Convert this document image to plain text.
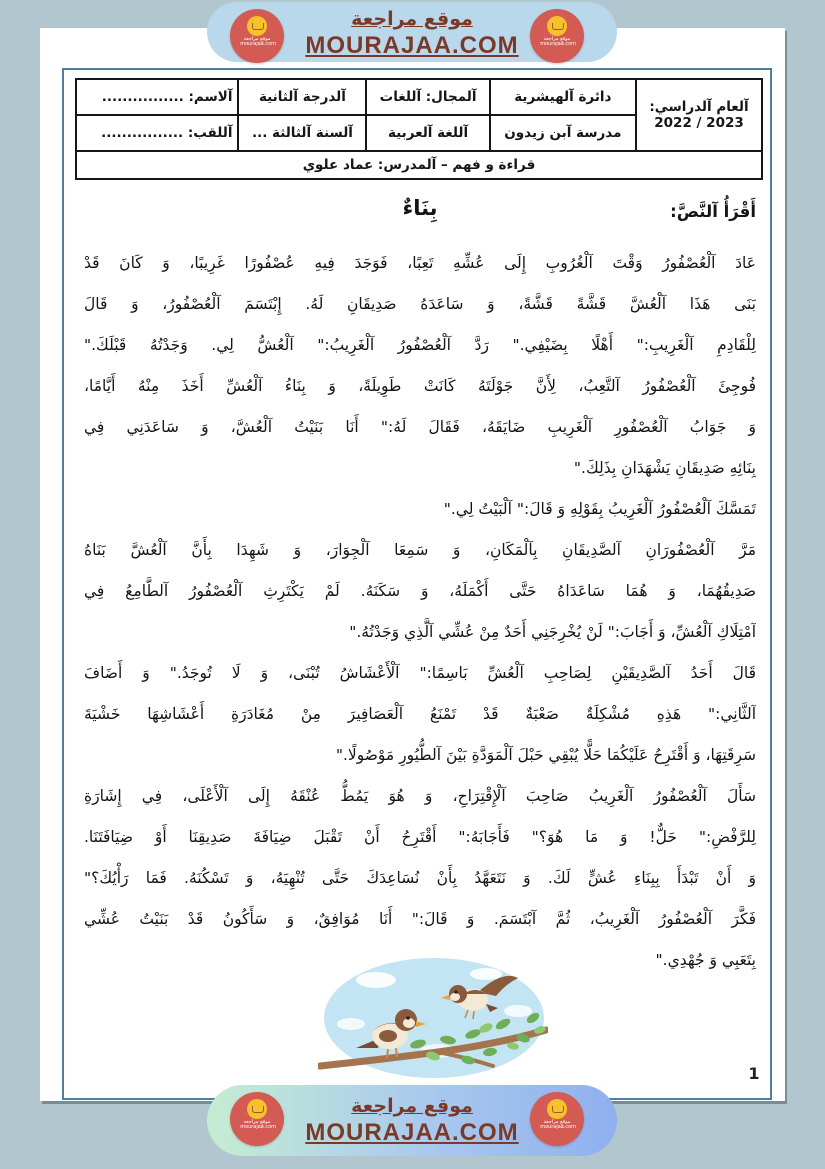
آلعام آلدراسي:
2022 / 2023	دائرة آلهيشرية	آلمجال: آللغات	آلدرجة آلثانية	آلاسم: ................
	مدرسة آبن زيدون	آللغة آلعربية	آلسنة آلثالثة ...	آللقب: ................
قراءة و فهم – آلمدرس: عماد علوي				
أَقْرَأُ آلنَّصَّ:
بِنَاءٌ
عَادَ آلْعُصْفُورُ وَقْتَ آلْغُرُوبِ إِلَى عُشِّهِ تَعِبًا، فَوَجَدَ فِيهِ عُصْفُورًا غَرِيبًا، وَ كَانَ قَدْ
بَنَى هَذَا آلْعُشَّ قَشَّةً قَشَّةً، وَ سَاعَدَهُ صَدِيقَانِ لَهُ. إِبْتَسَمَ آلْعُصْفُورُ، وَ قَالَ
لِلْقَادِمِ آلْغَرِيبِ:" أَهْلًا بِضَيْفِي." رَدَّ آلْعُصْفُورُ آلْغَرِيبُ:" آلْعُشُّ لِي. وَجَدْتُهُ قَبْلَكَ."
فُوجِئَ آلْعُصْفُورُ آلتَّعِبُ، لِأَنَّ جَوْلَتَهُ كَانَتْ طَوِيلَةً، وَ بِنَاءُ آلْعُشِّ أَخَذَ مِنْهُ أَيَّامًا،
وَ جَوَابُ آلْعُصْفُورِ آلْغَرِيبِ ضَايَقَهُ، فَقَالَ لَهُ:" أَنَا بَنَيْتُ آلْعُشَّ، وَ سَاعَدَنِي فِي
بِنَائِهِ صَدِيقَانِ يَشْهَدَانِ بِذَلِكَ."
تَمَسَّكَ آلْعُصْفُورُ آلْغَرِيبُ بِقَوْلِهِ وَ قَالَ:" آلْبَيْتُ لِي."
مَرَّ آلْعُصْفُورَانِ آلصَّدِيقَانِ بِآلْمَكَانِ، وَ سَمِعَا آلْجِوَارَ، وَ شَهِدَا بِأَنَّ آلْعُشَّ بَنَاهُ
صَدِيقُهُمَا، وَ هُمَا سَاعَدَاهُ حَتَّى أَكْمَلَهُ، وَ سَكَنَهُ. لَمْ يَكْتَرِثِ آلْعُصْفُورُ آلطَّامِعُ فِي
آمْتِلَاكِ آلْعُشِّ، وَ أَجَابَ:" لَنْ يُخْرِجَنِي أَحَدٌ مِنْ عُشِّي آلَّذِي وَجَدْتُهُ."
قَالَ أَحَدُ آلصَّدِيقَيْنِ لِصَاحِبِ آلْعُشِّ بَاسِمًا:" آلْأَعْشَاشُ تُبْنَى، وَ لَا تُوجَدُ." وَ أَضَافَ
آلثَّانِي:" هَذِهِ مُشْكِلَةٌ صَعْبَةٌ قَدْ تَمْنَعُ آلْعَصَافِيرَ مِنْ مُغَادَرَةِ أَعْشَاشِهَا خَشْيَةَ
سَرِقَتِهَا، وَ أَقْتَرِحُ عَلَيْكُمَا حَلًّا يُبْقِي حَبْلَ آلْمَوَدَّةِ بَيْنَ آلطُّيُورِ مَوْصُولًا."
سَأَلَ آلْعُصْفُورُ آلْغَرِيبُ صَاحِبَ آلْإِقْتِرَاحِ، وَ هُوَ يَمُطُّ عُنْقَهُ إِلَى آلْأَعْلَى، فِي إِشَارَةِ
لِلرَّفْضِ:" حَلٌّ! وَ مَا هُوَ؟" فَأَجَابَهُ:" أَقْتَرِحُ أَنْ تَقْبَلَ ضِيَافَةَ صَدِيقِنَا أَوْ ضِيَافَتَنَا.
وَ أَنْ تَبْدَأَ بِبِنَاءِ عُشٍّ لَكَ. وَ نَتَعَهَّدُ بِأَنْ نُسَاعِدَكَ حَتَّى تُنْهِيَهُ، وَ تَسْكُنَهُ. فَمَا رَأْيُكَ؟"
فَكَّرَ آلْعُصْفُورُ آلْغَرِيبُ، ثُمَّ آبْتَسَمَ. وَ قَالَ:" أَنَا مُوَافِقٌ، وَ سَأَكُونُ قَدْ بَنَيْتُ عُشِّي
بِتَعَبِي وَ جُهْدِي."
1
موقع مراجعة
MOURAJAA.COM
موقع مراجعة
mourajaa.com
موقع مراجعة
mourajaa.com
موقع مراجعة
MOURAJAA.COM
موقع مراجعة
mourajaa.com
موقع مراجعة
mourajaa.com
